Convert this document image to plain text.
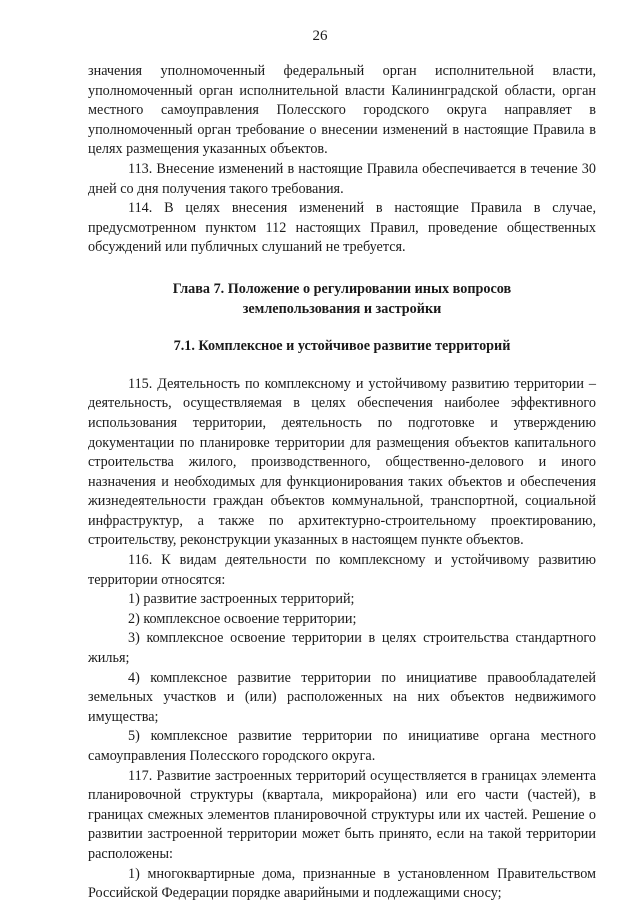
26

значения уполномоченный федеральный орган исполнительной власти, уполномоченный орган исполнительной власти Калининградской области, орган местного самоуправления Полесского городского округа направляет в уполномоченный орган требование о внесении изменений в настоящие Правила в целях размещения указанных объектов.

113. Внесение изменений в настоящие Правила обеспечивается в течение 30 дней со дня получения такого требования.

114. В целях внесения изменений в настоящие Правила в случае, предусмотренном пунктом 112 настоящих Правил, проведение общественных обсуждений или публичных слушаний не требуется.

Глава 7. Положение о регулировании иных вопросов
землепользования и застройки

7.1. Комплексное и устойчивое развитие территорий

115. Деятельность по комплексному и устойчивому развитию территории – деятельность, осуществляемая в целях обеспечения наиболее эффективного использования территории, деятельность по подготовке и утверждению документации по планировке территории для размещения объектов капитального строительства жилого, производственного, общественно-делового и иного назначения и необходимых для функционирования таких объектов и обеспечения жизнедеятельности граждан объектов коммунальной, транспортной, социальной инфраструктур, а также по архитектурно-строительному проектированию, строительству, реконструкции указанных в настоящем пункте объектов.

116. К видам деятельности по комплексному и устойчивому развитию территории относятся:

1) развитие застроенных территорий;

2) комплексное освоение территории;

3) комплексное освоение территории в целях строительства стандартного жилья;

4) комплексное развитие территории по инициативе правообладателей земельных участков и (или) расположенных на них объектов недвижимого имущества;

5) комплексное развитие территории по инициативе органа местного самоуправления Полесского городского округа.

117. Развитие застроенных территорий осуществляется в границах элемента планировочной структуры (квартала, микрорайона) или его части (частей), в границах смежных элементов планировочной структуры или их частей. Решение о развитии застроенной территории может быть принято, если на такой территории расположены:

1) многоквартирные дома, признанные в установленном Правительством Российской Федерации порядке аварийными и подлежащими сносу;
